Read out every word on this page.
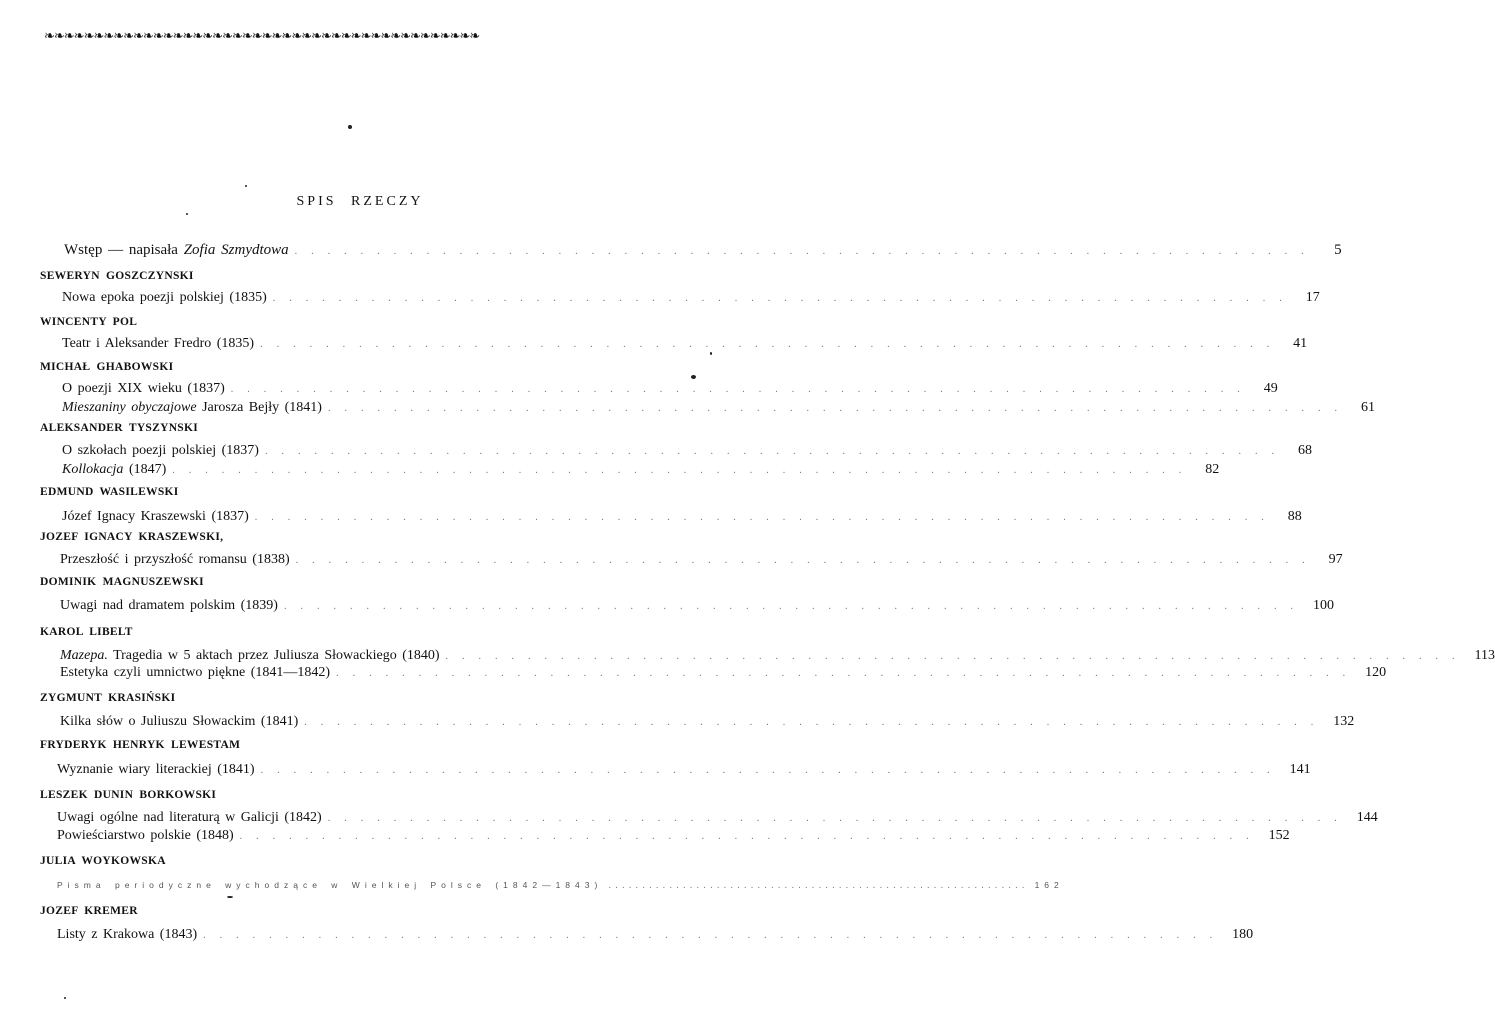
❧❧❧❧❧❧❧❧❧❧❧❧❧❧❧❧❧❧❧❧❧❧❧❧❧❧❧❧❧❧❧❧❧❧❧❧❧❧❧❧❧❧❧❧
SPIS RZECZY
Wstęp — napisała Zofia Szmydtowa ..............................................................	5
SEWERYN GOSZCZYNSKI
Nowa epoka poezji polskiej (1835) .............................................................. 17
WINCENTY POL
Teatr i Aleksander Fredro (1835) .............................................................. 41
MICHAŁ GHABOWSKI
O poezji XIX wieku (1837) .............................................................. 49
Mieszaniny obyczajowe Jarosza Bejły (1841) .............................................................. 61
ALEKSANDER TYSZYNSKI
O szkołach poezji polskiej (1837) .............................................................. 68
Kollokacja (1847) .............................................................. 82
EDMUND WASILEWSKI
Józef Ignacy Kraszewski (1837) .............................................................. 88
JOZEF IGNACY KRASZEWSKI,
Przeszłość i przyszłość romansu (1838) .............................................................. 97
DOMINIK MAGNUSZEWSKI
Uwagi nad dramatem polskim (1839) .............................................................. 100
KAROL LIBELT
Mazepa. Tragedia w 5 aktach przez Juliusza Słowackiego (1840) .............................................................. 113
Estetyka czyli umnictwo piękne (1841—1842) .............................................................. 120
ZYGMUNT KRASIŃSKI
Kilka słów o Juliuszu Słowackim (1841) .............................................................. 132
FRYDERYK HENRYK LEWESTAM
Wyznanie wiary literackiej (1841) .............................................................. 141
LESZEK DUNIN BORKOWSKI
Uwagi ogólne nad literaturą w Galicji (1842) .............................................................. 144
Powieściarstwo polskie (1848) .............................................................. 152
JULIA WOYKOWSKA
Pisma periodyczne wychodzące w Wielkiej Polsce (1842—1843) .............................................................. 162
JOZEF KREMER
Listy z Krakowa (1843) .............................................................. 180
